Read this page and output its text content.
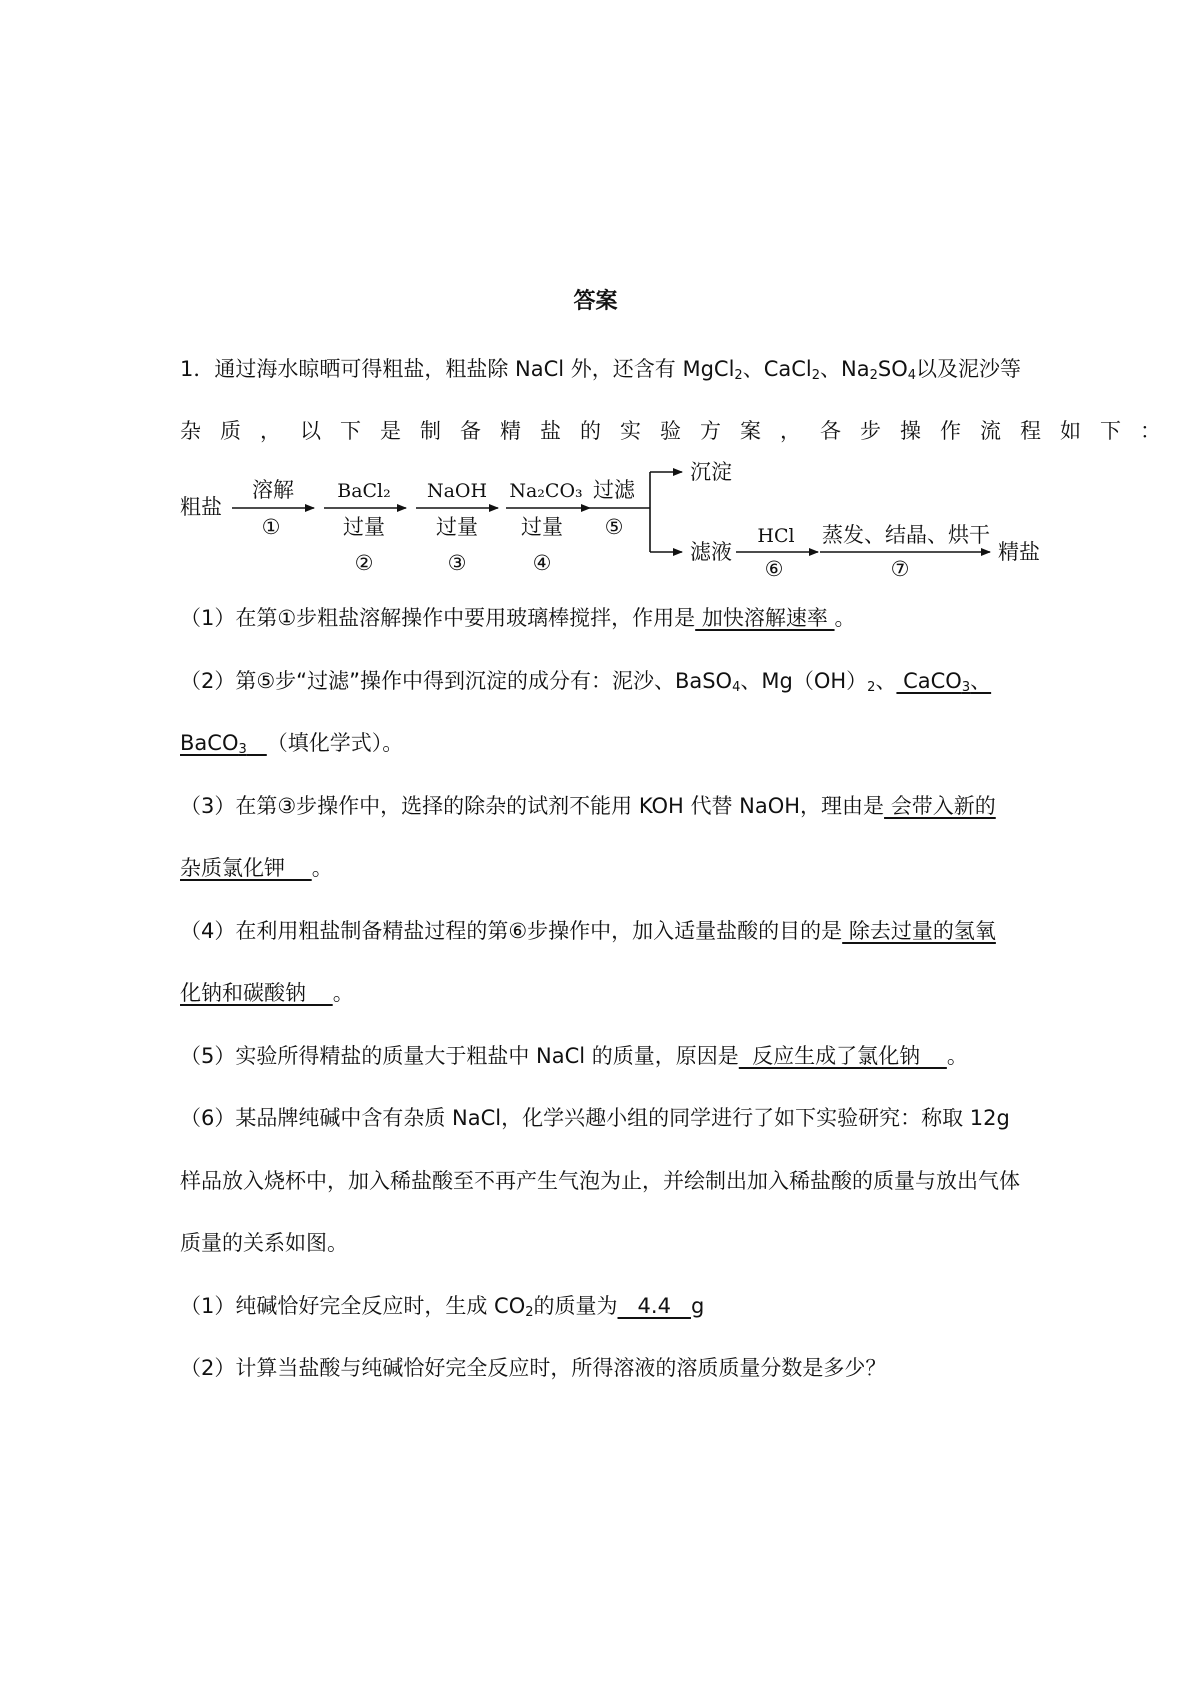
答案
1．通过海水晾晒可得粗盐，粗盐除 NaCl 外，还含有 MgCl$_2$、CaCl$_2$、$Na_2SO_4$以及泥沙等
杂质，以下是制备精盐的实验方案，各步操作流程如下：
粗盐
溶解
①
BaCl₂
过量
②
NaOH
过量
③
Na₂CO₃
过量
④
过滤
⑤
沉淀
滤液
HCl
⑥
蒸发、结晶、烘干
⑦
精盐
（1）在第①步粗盐溶解操作中要用玻璃棒搅拌，作用是 加快溶解速率 。
（2）第⑤步“过滤”操作中得到沉淀的成分有：泥沙、BaSO$_4$、$Mg(OH)_2$、 CaCO$_3$、
BaCO$_3$ （填化学式）。
（3）在第③步操作中，选择的除杂的试剂不能用 KOH 代替 NaOH，理由是 会带入新的
杂质氯化钾    。
（4）在利用粗盐制备精盐过程的第⑥步操作中，加入适量盐酸的目的是 除去过量的氢氧
化钠和碳酸钠    。
（5）实验所得精盐的质量大于粗盐中 NaCl 的质量，原因是  反应生成了氯化钠    。
（6）某品牌纯碱中含有杂质 NaCl，化学兴趣小组的同学进行了如下实验研究：称取 12g
样品放入烧杯中，加入稀盐酸至不再产生气泡为止，并绘制出加入稀盐酸的质量与放出气体
质量的关系如图。
（1）纯碱恰好完全反应时，生成 $CO_2$的质量为   4.4   g
（2）计算当盐酸与纯碱恰好完全反应时，所得溶液的溶质质量分数是多少？
